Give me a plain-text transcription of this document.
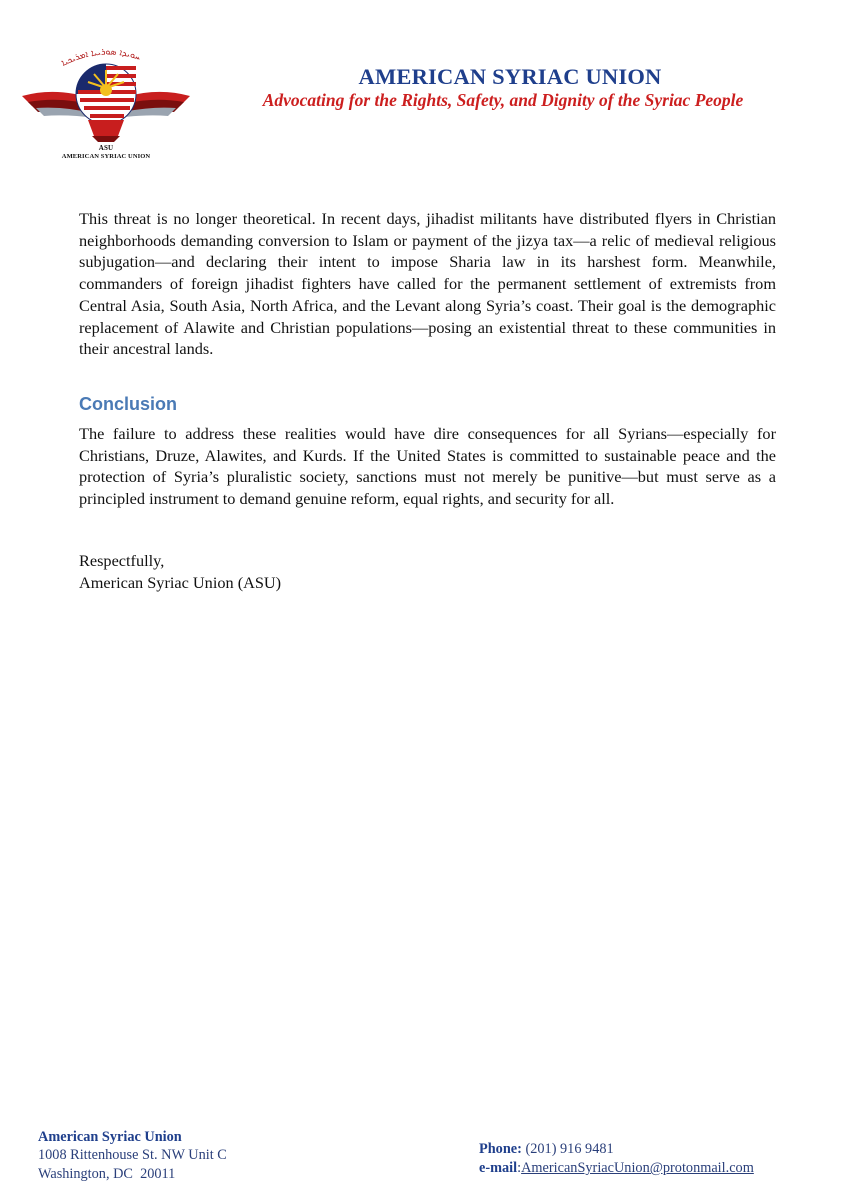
ܚܘܝܕܐ ܣܘܪܝܝܐ ܐܡܪܝܟܝܐ
ASU
AMERICAN SYRIAC UNION
AMERICAN SYRIAC UNION
Advocating for the Rights, Safety, and Dignity of the Syriac People

This threat is no longer theoretical. In recent days, jihadist militants have distributed flyers in Christian neighborhoods demanding conversion to Islam or payment of the jizya tax—a relic of medieval religious subjugation—and declaring their intent to impose Sharia law in its harshest form. Meanwhile, commanders of foreign jihadist fighters have called for the permanent settlement of extremists from Central Asia, South Asia, North Africa, and the Levant along Syria’s coast. Their goal is the demographic replacement of Alawite and Christian populations—posing an existential threat to these communities in their ancestral lands.

Conclusion

The failure to address these realities would have dire consequences for all Syrians—especially for Christians, Druze, Alawites, and Kurds. If the United States is committed to sustainable peace and the protection of Syria’s pluralistic society, sanctions must not merely be punitive—but must serve as a principled instrument to demand genuine reform, equal rights, and security for all.

Respectfully,
American Syriac Union (ASU)
American Syriac Union
1008 Rittenhouse St. NW Unit C
Washington, DC  20011
Phone: (201) 916 9481
e-mail:AmericanSyriacUnion@protonmail.com
